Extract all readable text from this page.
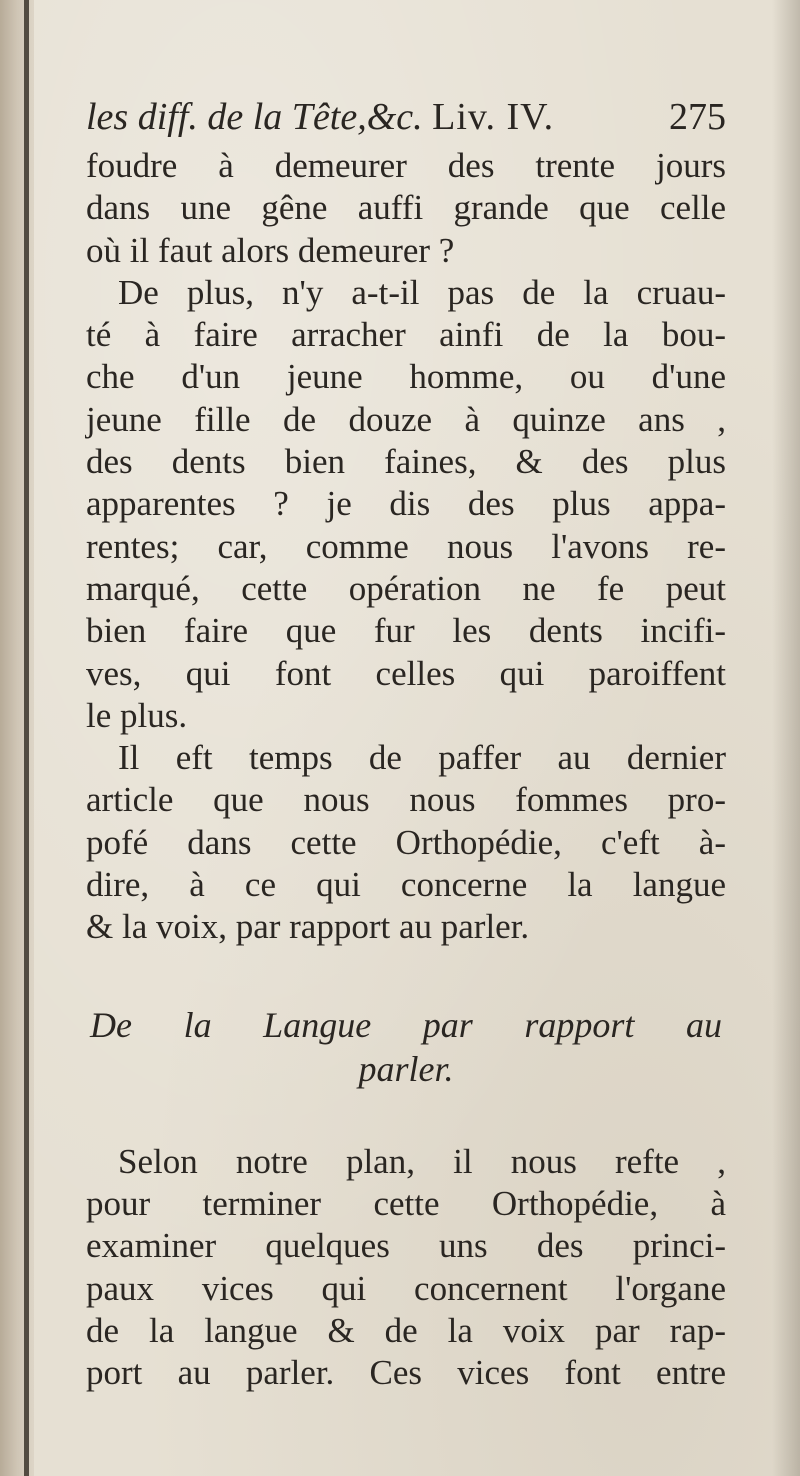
les diff. de la Tête,&c. Liv. IV.	275
foudre à demeurer des trente jours
dans une gêne auffi grande que celle
où il faut alors demeurer ?
De plus, n'y a-t-il pas de la cruau-
té à faire arracher ainfi de la bou-
che d'un jeune homme, ou d'une
jeune fille de douze à quinze ans ,
des dents bien faines, & des plus
apparentes ? je dis des plus appa-
rentes; car, comme nous l'avons re-
marqué, cette opération ne fe peut
bien faire que fur les dents incifi-
ves, qui font celles qui paroiffent
le plus.
Il eft temps de paffer au dernier
article que nous nous fommes pro-
pofé dans cette Orthopédie, c'eft à-
dire, à ce qui concerne la langue
& la voix, par rapport au parler.
De la Langue par rapport au
parler.
Selon notre plan, il nous refte ,
pour terminer cette Orthopédie, à
examiner quelques uns des princi-
paux vices qui concernent l'organe
de la langue & de la voix par rap-
port au parler. Ces vices font entre
